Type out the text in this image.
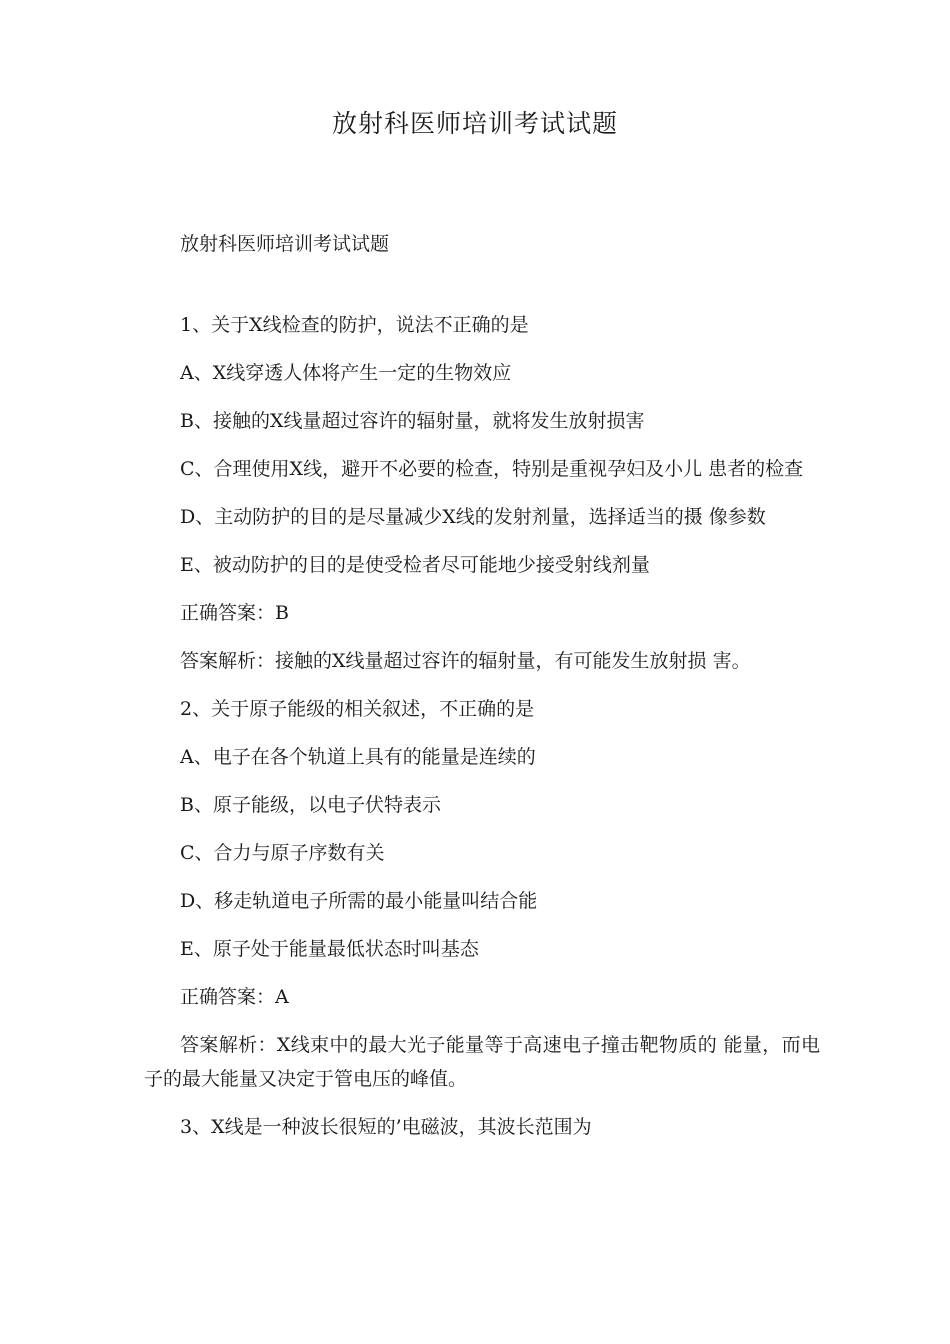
放射科医师培训考试试题

放射科医师培训考试试题

1、关于X线检查的防护，说法不正确的是

A、X线穿透人体将产生一定的生物效应

B、接触的X线量超过容许的辐射量，就将发生放射损害

C、合理使用X线，避开不必要的检查，特别是重视孕妇及小儿 患者的检查

D、主动防护的目的是尽量减少X线的发射剂量，选择适当的摄 像参数

E、被动防护的目的是使受检者尽可能地少接受射线剂量

正确答案：B

答案解析：接触的X线量超过容许的辐射量，有可能发生放射损 害。

2、关于原子能级的相关叙述，不正确的是

A、电子在各个轨道上具有的能量是连续的

B、原子能级，以电子伏特表示

C、合力与原子序数有关

D、移走轨道电子所需的最小能量叫结合能

E、原子处于能量最低状态时叫基态

正确答案：A

答案解析：X线束中的最大光子能量等于高速电子撞击靶物质的 能量，而电子的最大能量又决定于管电压的峰值。

3、X线是一种波长很短的’电磁波，其波长范围为
